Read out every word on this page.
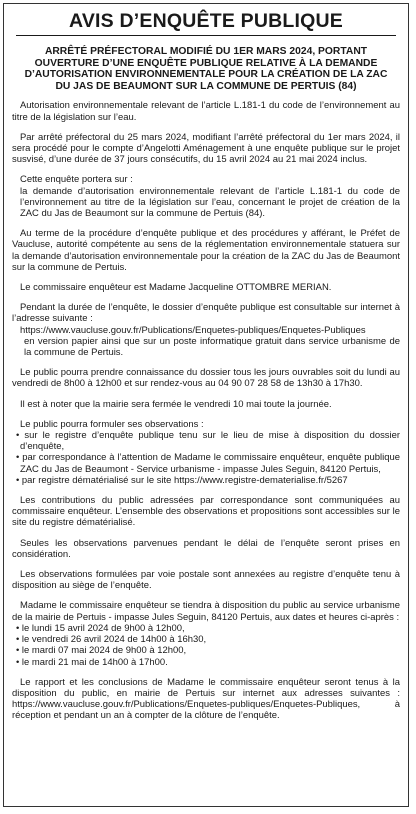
AVIS D’ENQUÊTE PUBLIQUE
ARRÊTÉ PRÉFECTORAL MODIFIÉ DU 1ER MARS 2024, PORTANT
OUVERTURE D’UNE ENQUÊTE PUBLIQUE RELATIVE À LA DEMANDE
D’AUTORISATION ENVIRONNEMENTALE POUR LA CRÉATION DE LA ZAC
DU JAS DE BEAUMONT SUR LA COMMUNE DE PERTUIS (84)
Autorisation environnementale relevant de l’article L.181-1 du code de l’environnement au titre de la législation sur l’eau.
Par arrêté préfectoral du 25 mars 2024, modifiant l’arrêté préfectoral du 1er mars 2024, il sera procédé pour le compte d’Angelotti Aménagement à une enquête publique sur le projet susvisé, d’une durée de 37 jours consécutifs, du 15 avril 2024 au 21 mai 2024 inclus.
Cette enquête portera sur :
la demande d’autorisation environnementale relevant de l’article L.181-1 du code de l’environnement au titre de la législation sur l’eau, concernant le projet de création de la ZAC du Jas de Beaumont sur la commune de Pertuis (84).
Au terme de la procédure d’enquête publique et des procédures y afférant, le Préfet de Vaucluse, autorité compétente au sens de la réglementation environnementale statuera sur la demande d’autorisation environnementale pour la création de la ZAC du Jas de Beaumont sur la commune de Pertuis.
Le commissaire enquêteur est Madame Jacqueline OTTOMBRE MERIAN.
Pendant la durée de l’enquête, le dossier d’enquête publique est consultable sur internet à l’adresse suivante :
https://www.vaucluse.gouv.fr/Publications/Enquetes-publiques/Enquetes-Publiques
en version papier ainsi que sur un poste informatique gratuit dans service urbanisme de la commune de Pertuis.
Le public pourra prendre connaissance du dossier tous les jours ouvrables soit du lundi au vendredi de 8h00 à 12h00 et sur rendez-vous au 04 90 07 28 58 de 13h30 à 17h30.
Il est à noter que la mairie sera fermée le vendredi 10 mai toute la journée.
Le public pourra formuler ses observations :
• sur le registre d’enquête publique tenu sur le lieu de mise à disposition du dossier d’enquête,
• par correspondance à l’attention de Madame le commissaire enquêteur, enquête publique ZAC du Jas de Beaumont - Service urbanisme - impasse Jules Seguin, 84120 Pertuis,
• par registre dématérialisé sur le site https://www.registre-dematerialise.fr/5267
Les contributions du public adressées par correspondance sont communiquées au commissaire enquêteur. L’ensemble des observations et propositions sont accessibles sur le site du registre dématérialisé.
Seules les observations parvenues pendant le délai de l’enquête seront prises en considération.
Les observations formulées par voie postale sont annexées au registre d’enquête tenu à disposition au siège de l’enquête.
Madame le commissaire enquêteur se tiendra à disposition du public au service urbanisme de la mairie de Pertuis - impasse Jules Seguin, 84120 Pertuis, aux dates et heures ci-après :
• le lundi 15 avril 2024 de 9h00 à 12h00,
• le vendredi 26 avril 2024 de 14h00 à 16h30,
• le mardi 07 mai 2024 de 9h00 à 12h00,
• le mardi 21 mai de 14h00 à 17h00.
Le rapport et les conclusions de Madame le commissaire enquêteur seront tenus à la disposition du public, en mairie de Pertuis sur internet aux adresses suivantes : https://www.vaucluse.gouv.fr/Publications/Enquetes-publiques/Enquetes-Publiques, à réception et pendant un an à compter de la clôture de l’enquête.
